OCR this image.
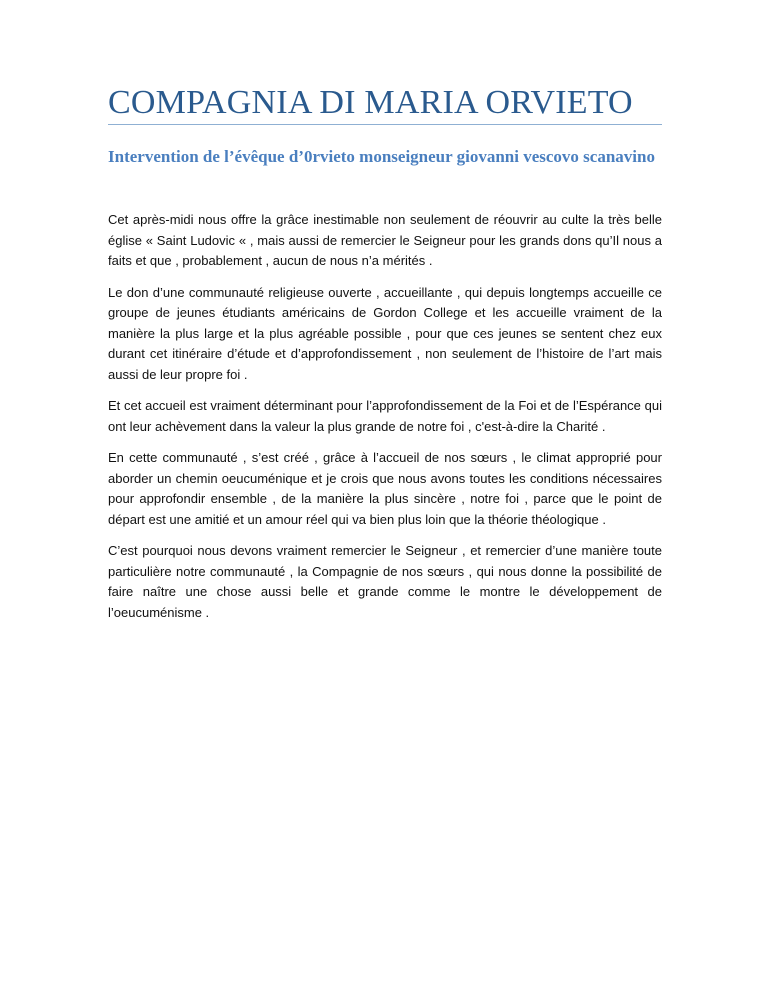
COMPAGNIA DI MARIA ORVIETO
Intervention de l’évêque d’0rvieto monseigneur giovanni vescovo scanavino

Cet après-midi nous offre la grâce inestimable non seulement de réouvrir au culte la très belle église « Saint Ludovic « , mais aussi de remercier le Seigneur pour les grands dons qu’Il nous a faits et que , probablement , aucun de nous n’a mérités .

Le don d’une communauté religieuse ouverte , accueillante , qui depuis longtemps accueille ce groupe de jeunes étudiants américains de Gordon College et les accueille vraiment de la manière la plus large et la plus agréable possible , pour que ces jeunes se sentent chez eux durant cet itinéraire d’étude et d’approfondissement , non seulement de l’histoire de l’art mais aussi de leur propre foi .

Et cet accueil est vraiment déterminant pour l’approfondissement de la Foi et de l’Espérance qui ont leur achèvement dans la valeur la plus grande de notre foi , c'est-à-dire la Charité .

En cette communauté , s’est créé , grâce à l’accueil de nos sœurs , le climat approprié pour aborder un chemin oeucuménique et je crois que nous avons toutes les conditions nécessaires pour approfondir ensemble , de la manière la plus sincère , notre foi , parce que le point de départ est une amitié et un amour réel qui va bien plus loin que la théorie théologique .

C’est pourquoi nous devons vraiment remercier le Seigneur , et remercier d’une manière toute particulière notre communauté , la Compagnie de nos sœurs , qui nous donne la possibilité de faire naître une chose aussi belle et grande comme le montre le développement de l’oeucuménisme .
